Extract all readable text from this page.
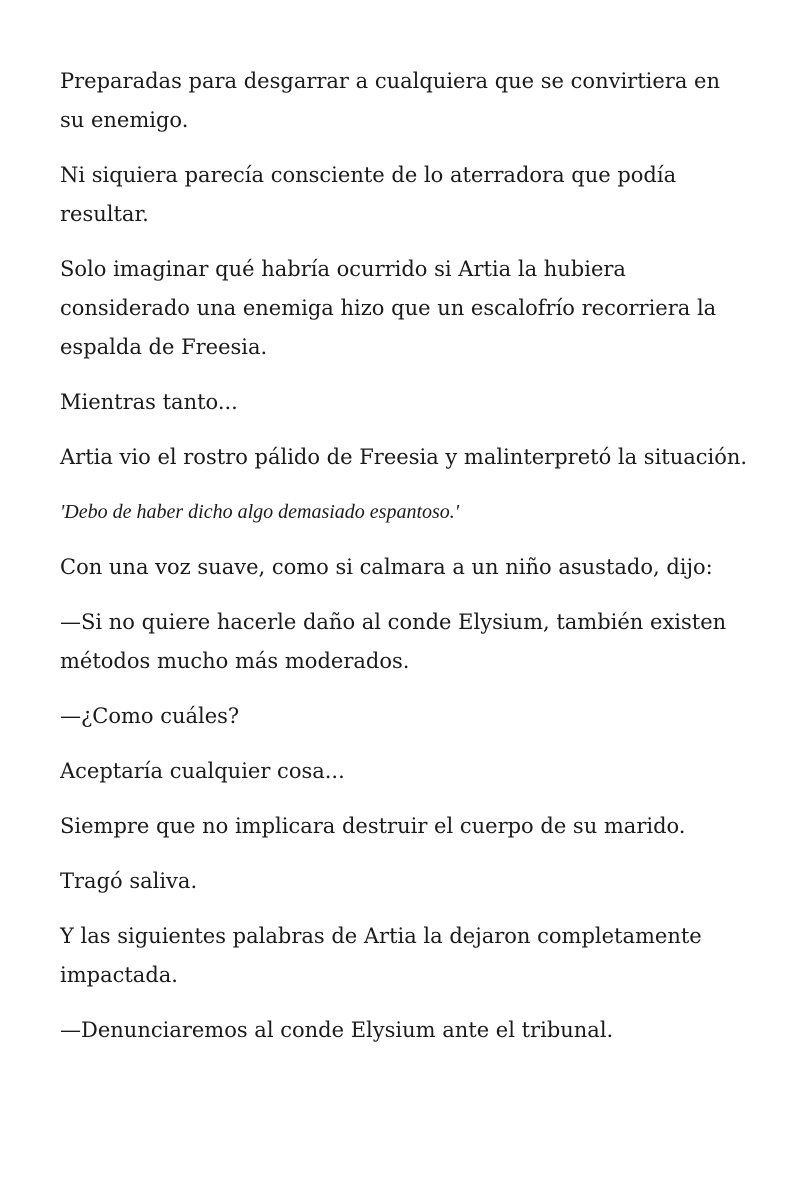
Preparadas para desgarrar a cualquiera que se convirtiera en su enemigo.

Ni siquiera parecía consciente de lo aterradora que podía resultar.

Solo imaginar qué habría ocurrido si Artia la hubiera considerado una enemiga hizo que un escalofrío recorriera la espalda de Freesia.

Mientras tanto...

Artia vio el rostro pálido de Freesia y malinterpretó la situación.

'Debo de haber dicho algo demasiado espantoso.'

Con una voz suave, como si calmara a un niño asustado, dijo:

—Si no quiere hacerle daño al conde Elysium, también existen métodos mucho más moderados.

—¿Como cuáles?

Aceptaría cualquier cosa...

Siempre que no implicara destruir el cuerpo de su marido.

Tragó saliva.

Y las siguientes palabras de Artia la dejaron completamente impactada.

—Denunciaremos al conde Elysium ante el tribunal.
